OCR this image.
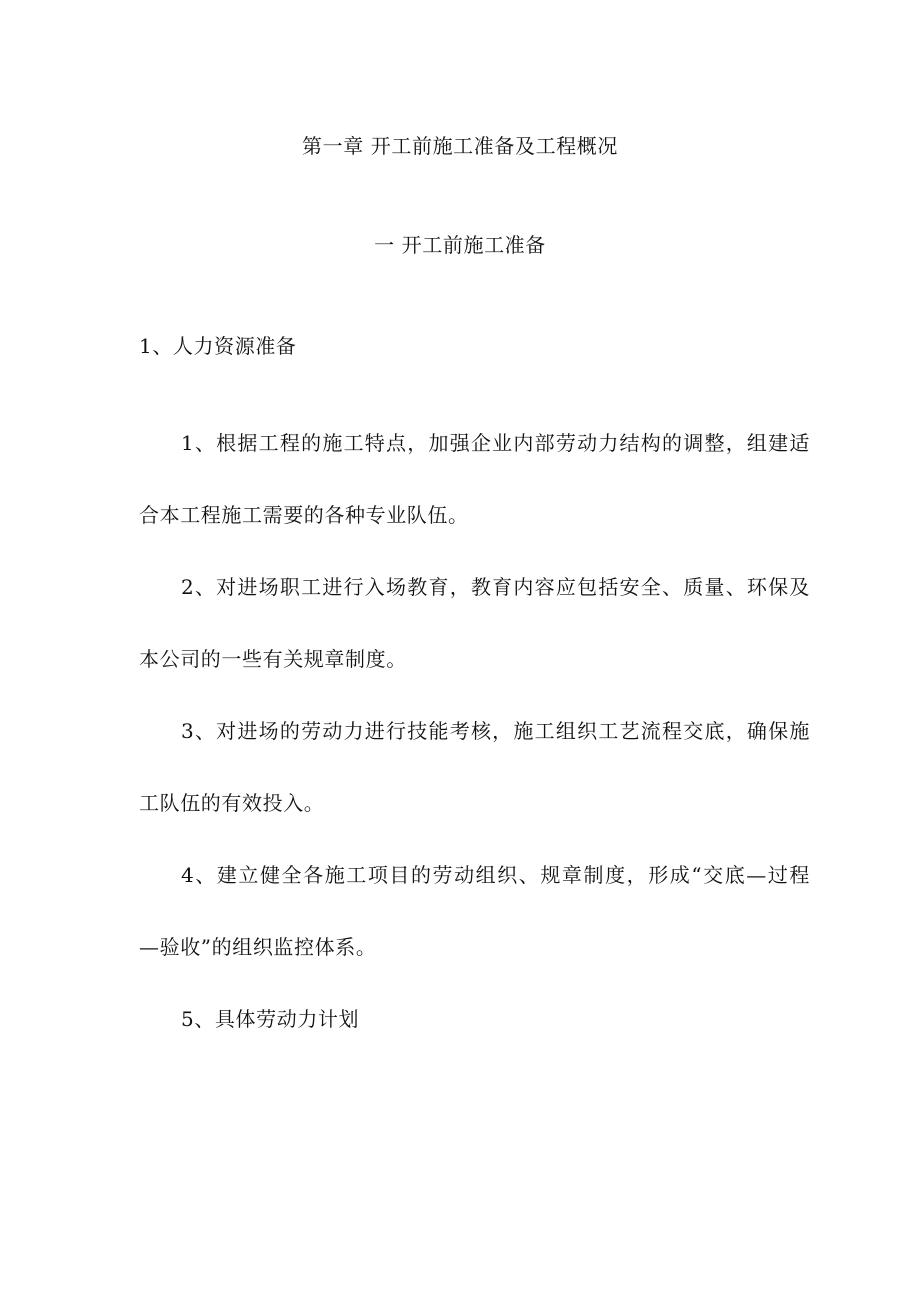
第一章 开工前施工准备及工程概况
一 开工前施工准备
1、人力资源准备
1、根据工程的施工特点，加强企业内部劳动力结构的调整，组建适
合本工程施工需要的各种专业队伍。
2、对进场职工进行入场教育，教育内容应包括安全、质量、环保及
本公司的一些有关规章制度。
3、对进场的劳动力进行技能考核，施工组织工艺流程交底，确保施
工队伍的有效投入。
4、建立健全各施工项目的劳动组织、规章制度，形成“交底—过程
—验收”的组织监控体系。
5、具体劳动力计划
